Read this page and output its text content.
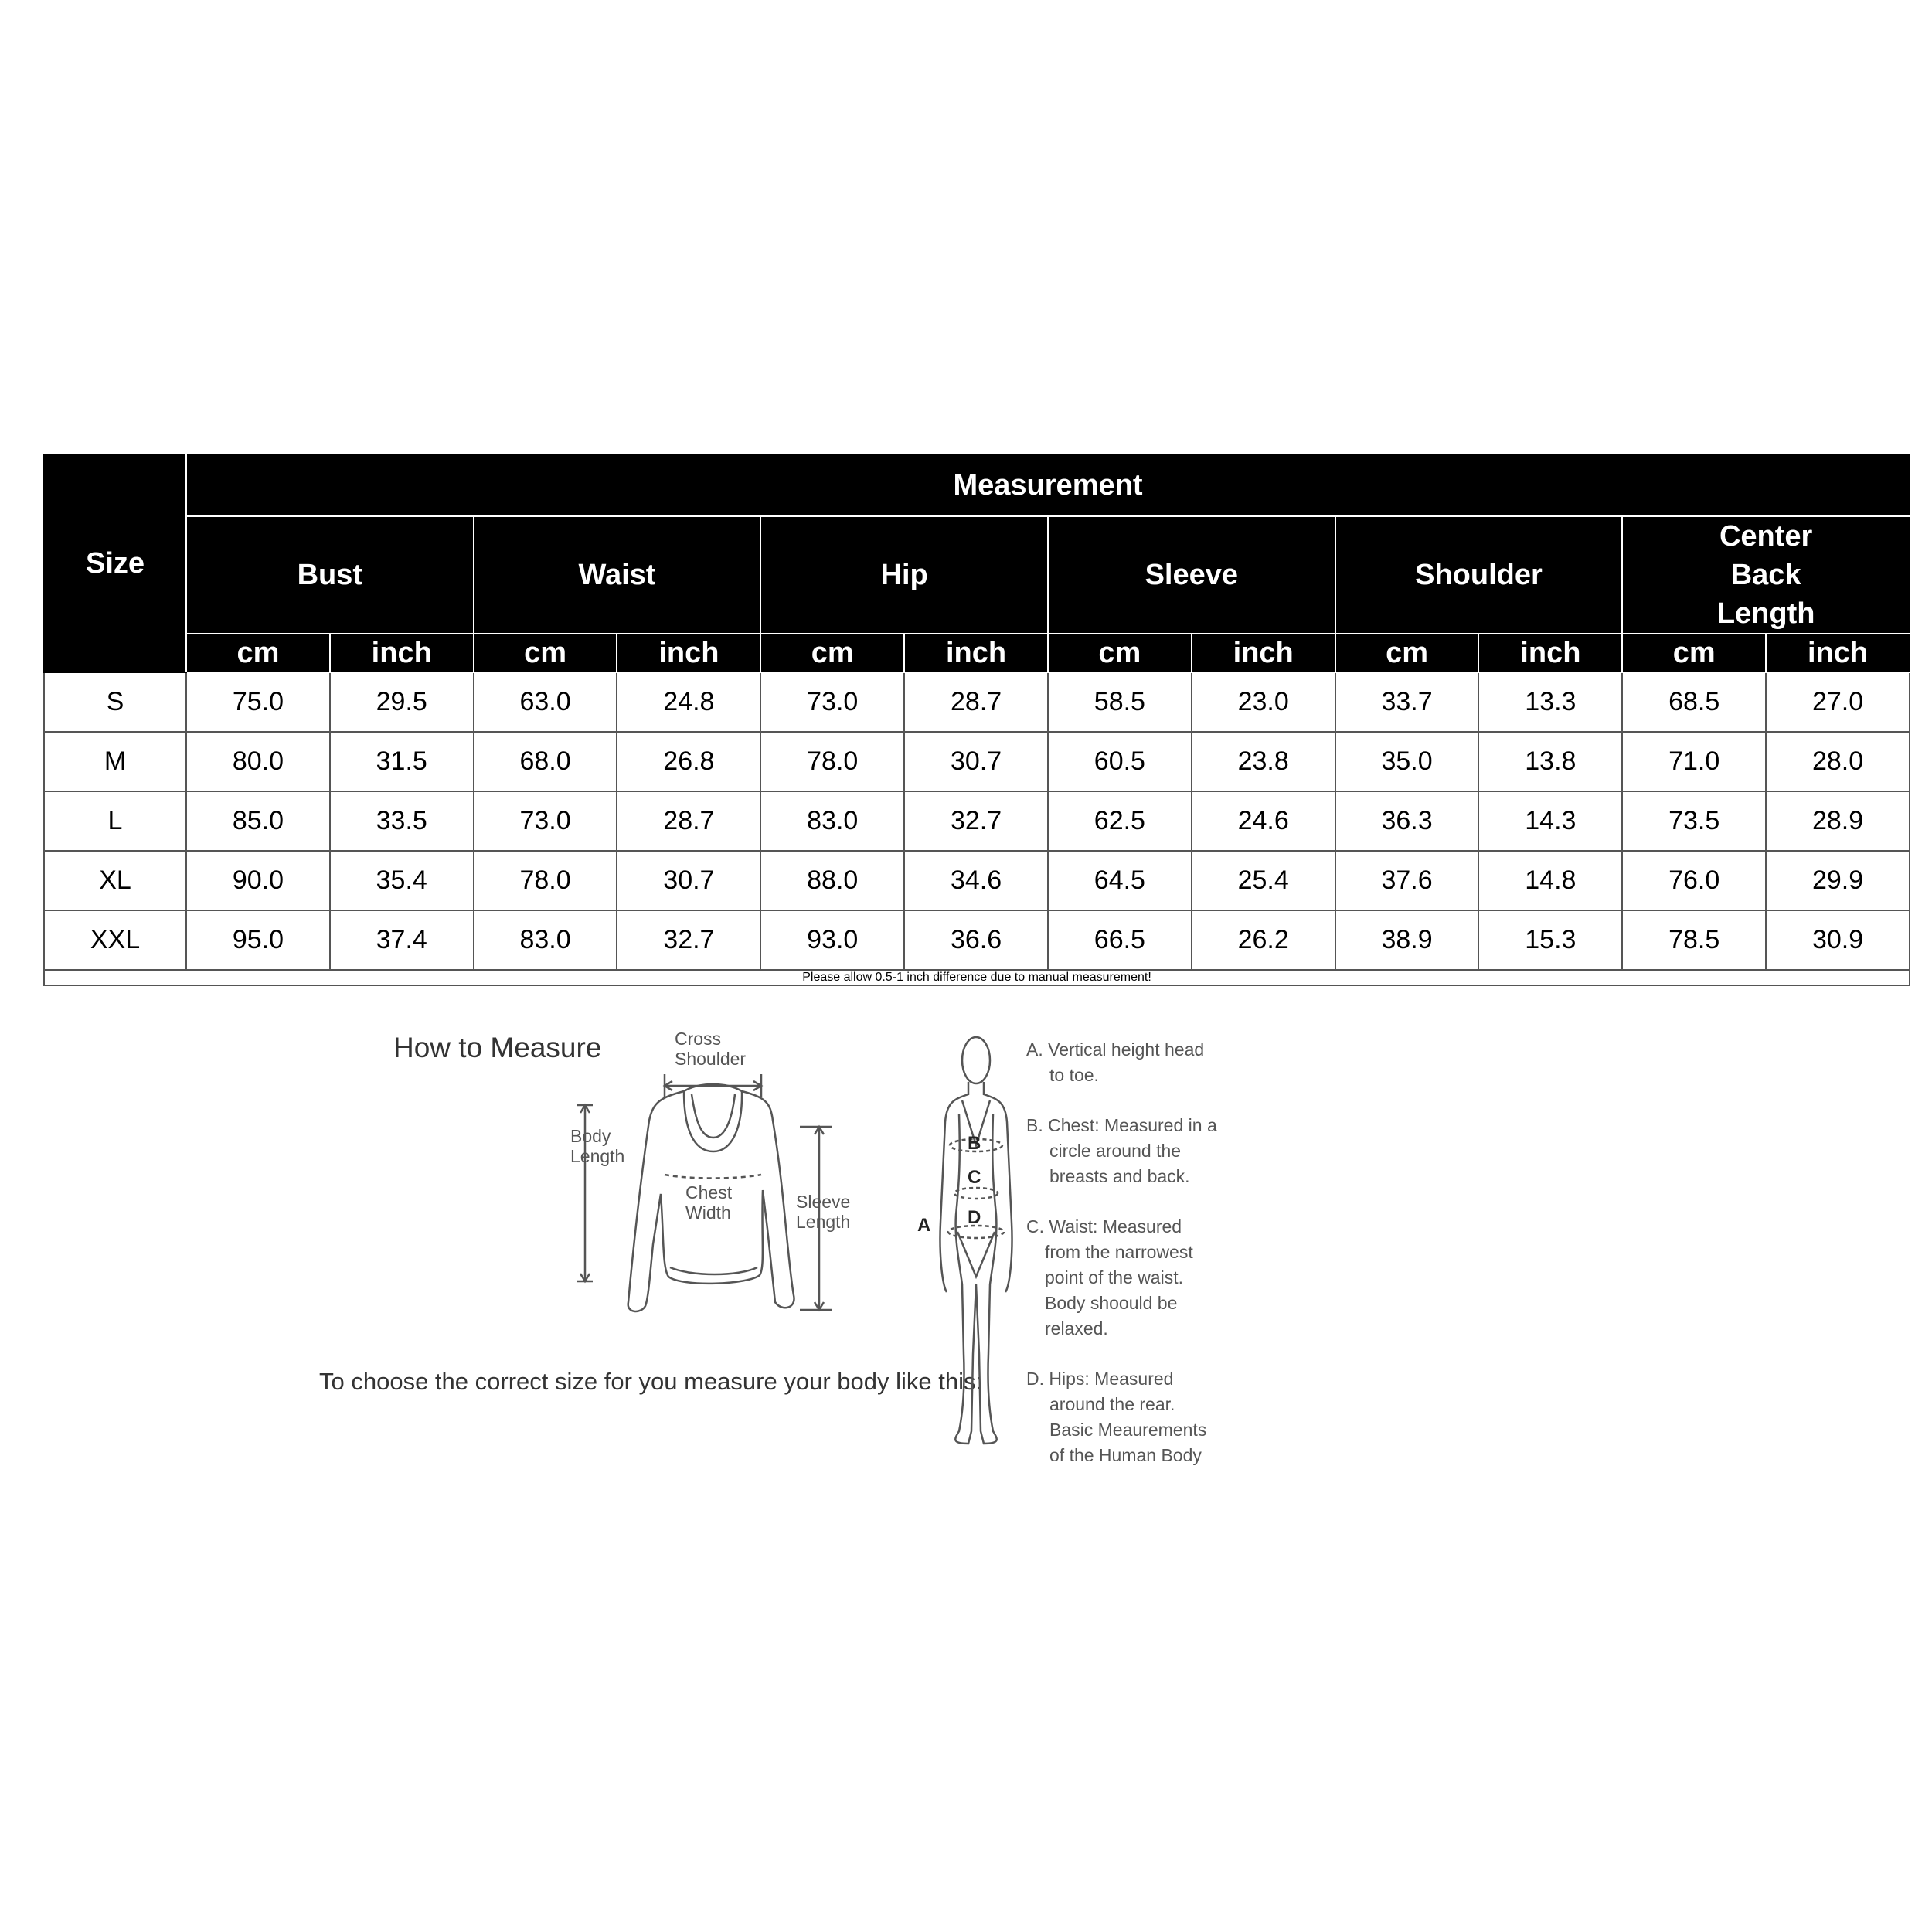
Size	Measurement											
	Bust		Waist		Hip		Sleeve		Shoulder		Center Back Length	
	cm	inch	cm	inch	cm	inch	cm	inch	cm	inch	cm	inch
S	75.0	29.5	63.0	24.8	73.0	28.7	58.5	23.0	33.7	13.3	68.5	27.0
M	80.0	31.5	68.0	26.8	78.0	30.7	60.5	23.8	35.0	13.8	71.0	28.0
L	85.0	33.5	73.0	28.7	83.0	32.7	62.5	24.6	36.3	14.3	73.5	28.9
XL	90.0	35.4	78.0	30.7	88.0	34.6	64.5	25.4	37.6	14.8	76.0	29.9
XXL	95.0	37.4	83.0	32.7	93.0	36.6	66.5	26.2	38.9	15.3	78.5	30.9
Please allow 0.5-1 inch difference due to manual measurement!												
How to Measure
To choose the correct size for you measure your body like this:
Cross
Shoulder
Body
Length
Chest
Width
Sleeve
Length
B
C
D
A
A. Vertical height head
to toe.
B. Chest: Measured in a
circle around the
breasts and back.
C. Waist: Measured
from the narrowest
point of the waist.
Body shoould be
relaxed.
D. Hips: Measured
around the rear.
Basic Meaurements
of the Human Body
